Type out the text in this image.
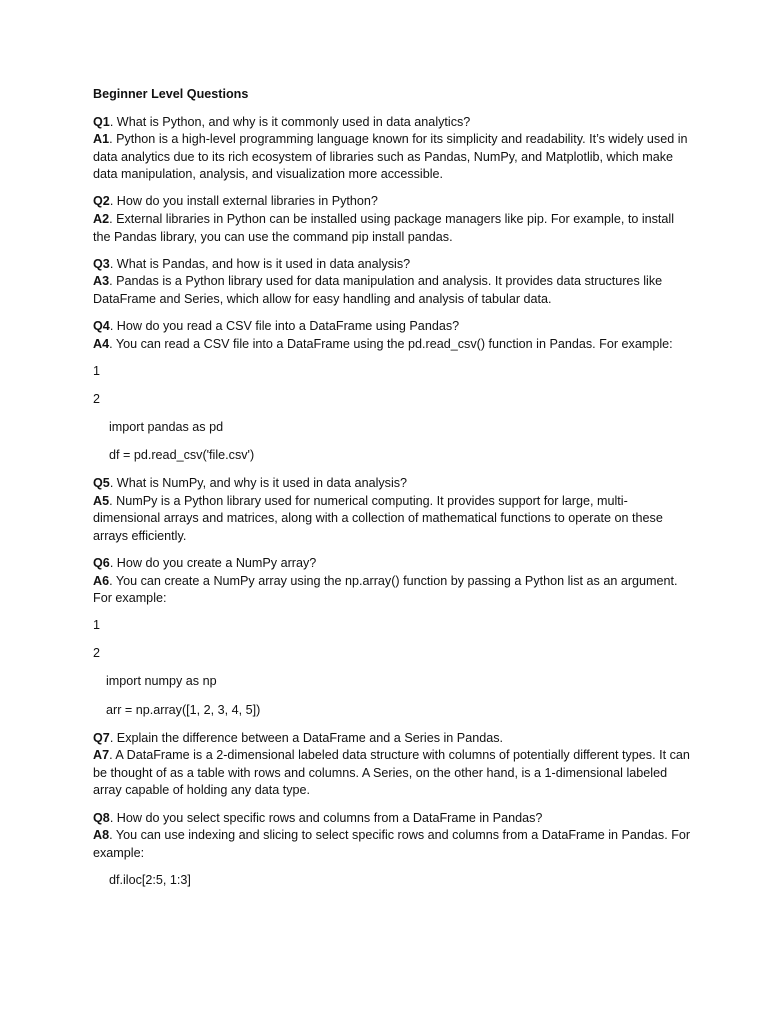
Beginner Level Questions

Q1. What is Python, and why is it commonly used in data analytics?

A1. Python is a high-level programming language known for its simplicity and readability. It’s widely used in data analytics due to its rich ecosystem of libraries such as Pandas, NumPy, and Matplotlib, which make data manipulation, analysis, and visualization more accessible.

Q2. How do you install external libraries in Python?

A2. External libraries in Python can be installed using package managers like pip. For example, to install the Pandas library, you can use the command pip install pandas.

Q3. What is Pandas, and how is it used in data analysis?

A3. Pandas is a Python library used for data manipulation and analysis. It provides data structures like DataFrame and Series, which allow for easy handling and analysis of tabular data.

Q4. How do you read a CSV file into a DataFrame using Pandas?

A4. You can read a CSV file into a DataFrame using the pd.read_csv() function in Pandas. For example:

1

2

import pandas as pd

df = pd.read_csv('file.csv')

Q5. What is NumPy, and why is it used in data analysis?

A5. NumPy is a Python library used for numerical computing. It provides support for large, multi-dimensional arrays and matrices, along with a collection of mathematical functions to operate on these arrays efficiently.

Q6. How do you create a NumPy array?

A6. You can create a NumPy array using the np.array() function by passing a Python list as an argument. For example:

1

2

import numpy as np

arr = np.array([1, 2, 3, 4, 5])

Q7. Explain the difference between a DataFrame and a Series in Pandas.

A7. A DataFrame is a 2-dimensional labeled data structure with columns of potentially different types. It can be thought of as a table with rows and columns. A Series, on the other hand, is a 1-dimensional labeled array capable of holding any data type.

Q8. How do you select specific rows and columns from a DataFrame in Pandas?

A8. You can use indexing and slicing to select specific rows and columns from a DataFrame in Pandas. For example:

df.iloc[2:5, 1:3]
